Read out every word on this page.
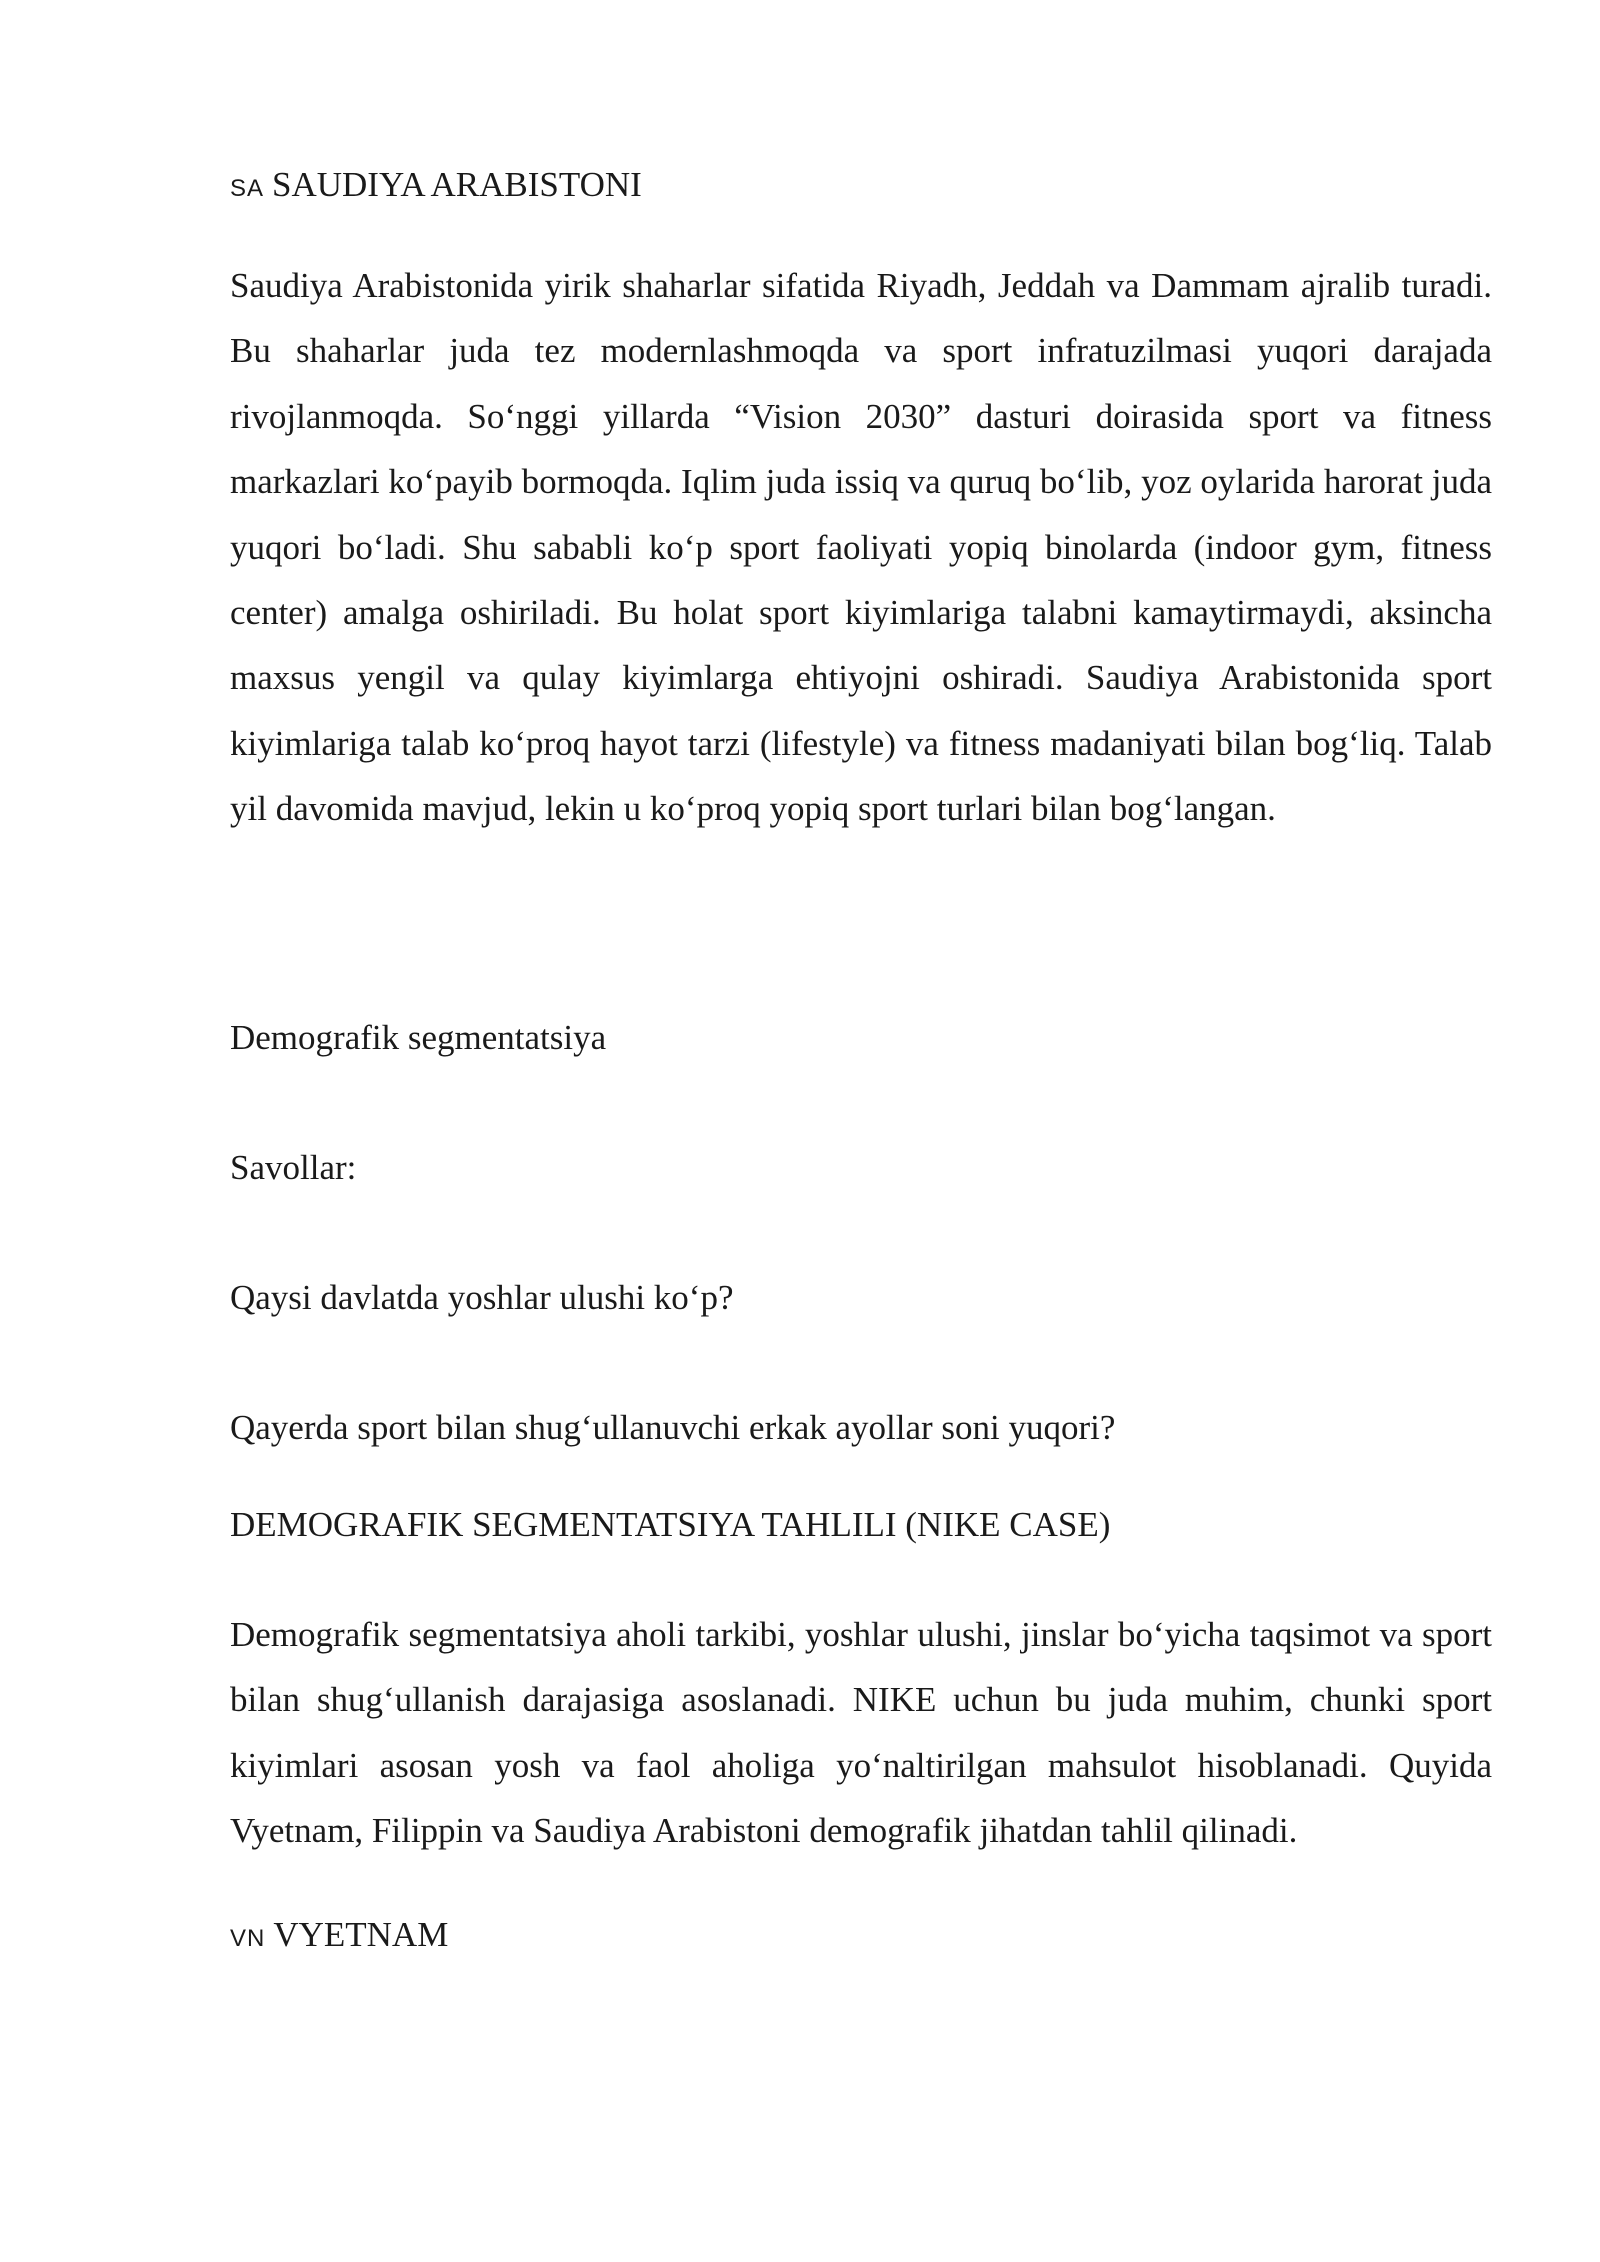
SA SAUDIYA ARABISTONI

Saudiya Arabistonida yirik shaharlar sifatida Riyadh, Jeddah va Dammam ajralib turadi. Bu shaharlar juda tez modernlashmoqda va sport infratuzilmasi yuqori darajada rivojlanmoqda. So‘nggi yillarda “Vision 2030” dasturi doirasida sport va fitness markazlari ko‘payib bormoqda. Iqlim juda issiq va quruq bo‘lib, yoz oylarida harorat juda yuqori bo‘ladi. Shu sababli ko‘p sport faoliyati yopiq binolarda (indoor gym, fitness center) amalga oshiriladi. Bu holat sport kiyimlariga talabni kamaytirmaydi, aksincha maxsus yengil va qulay kiyimlarga ehtiyojni oshiradi. Saudiya Arabistonida sport kiyimlariga talab ko‘proq hayot tarzi (lifestyle) va fitness madaniyati bilan bog‘liq. Talab yil davomida mavjud, lekin u ko‘proq yopiq sport turlari bilan bog‘langan.

Demografik segmentatsiya
Savollar:
Qaysi davlatda yoshlar ulushi ko‘p?
Qayerda sport bilan shug‘ullanuvchi erkak ayollar soni yuqori?
DEMOGRAFIK SEGMENTATSIYA TAHLILI (NIKE CASE)

Demografik segmentatsiya aholi tarkibi, yoshlar ulushi, jinslar bo‘yicha taqsimot va sport bilan shug‘ullanish darajasiga asoslanadi. NIKE uchun bu juda muhim, chunki sport kiyimlari asosan yosh va faol aholiga yo‘naltirilgan mahsulot hisoblanadi. Quyida Vyetnam, Filippin va Saudiya Arabistoni demografik jihatdan tahlil qilinadi.

VN VYETNAM
